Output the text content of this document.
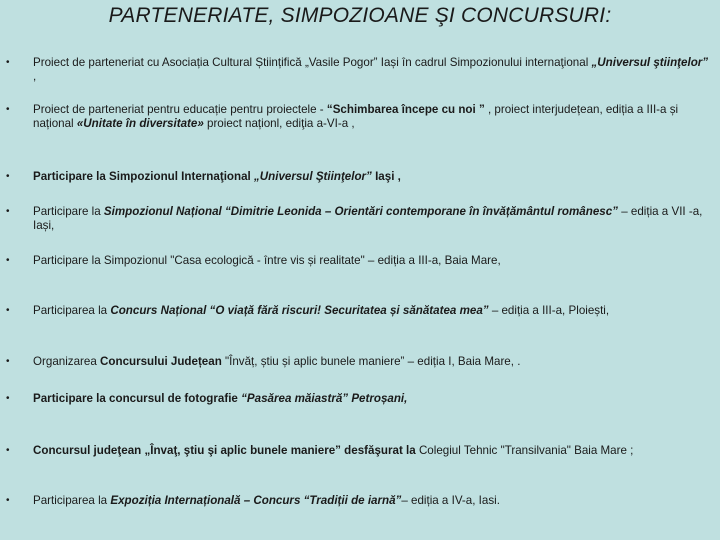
PARTENERIATE, SIMPOZIOANE ŞI CONCURSURI:
• Proiect de parteneriat cu Asociația Cultural Științifică „Vasile Pogor” Iași în cadrul Simpozionului internaţional „Universul ştiinţelor” ,
• Proiect de parteneriat pentru educație pentru proiectele - “Schimbarea începe cu noi ” , proiect interjudețean, ediția a III-a și național «Unitate în diversitate» proiect naționl, ediţia a-VI-a ,
• Participare la Simpozionul Internaţional „Universul Ştiinţelor” Iaşi ,
• Participare la Simpozionul Național “Dimitrie Leonida – Orientări contemporane în învățământul românesc” – ediția a VII -a, Iași,
• Participare la Simpozionul "Casa ecologică - între vis și realitate" – ediția a III-a, Baia Mare,
• Participarea la Concurs Național “O viață fără riscuri! Securitatea și sănătatea mea” – ediția a III-a, Ploiești,
• Organizarea Concursului Județean "Învăț, știu și aplic bunele maniere” – ediția I, Baia Mare, .
• Participare la concursul de fotografie “Pasărea măiastră” Petroșani,
• Concursul judeţean „Învaţ, ştiu şi aplic bunele maniere” desfăşurat la Colegiul Tehnic "Transilvania" Baia Mare ;
• Participarea la Expoziția Internațională – Concurs “Tradiții de iarnă”– ediția a IV-a, Iasi.
